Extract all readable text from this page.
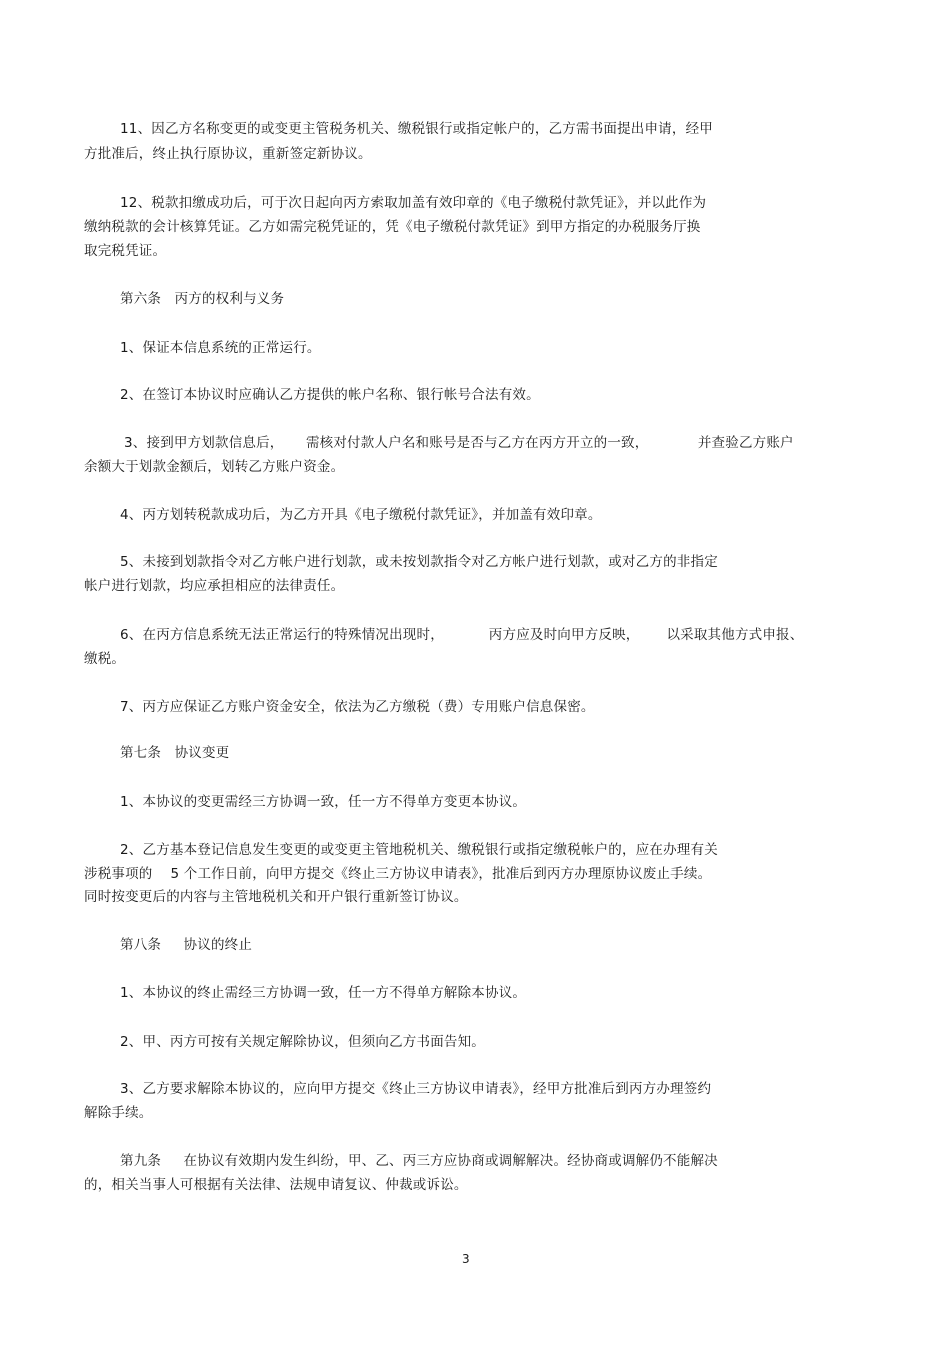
11、因乙方名称变更的或变更主管税务机关、缴税银行或指定帐户的，乙方需书面提出申请，经甲
方批准后，终止执行原协议，重新签定新协议。
12、税款扣缴成功后，可于次日起向丙方索取加盖有效印章的《电子缴税付款凭证》，并以此作为
缴纳税款的会计核算凭证。乙方如需完税凭证的，凭《电子缴税付款凭证》到甲方指定的办税服务厅换
取完税凭证。
第六条   丙方的权利与义务
1、保证本信息系统的正常运行。
2、在签订本协议时应确认乙方提供的帐户名称、银行帐号合法有效。
3、接到甲方划款信息后，     需核对付款人户名和账号是否与乙方在丙方开立的一致，           并查验乙方账户
余额大于划款金额后，划转乙方账户资金。
4、丙方划转税款成功后，为乙方开具《电子缴税付款凭证》，并加盖有效印章。
5、未接到划款指令对乙方帐户进行划款，或未按划款指令对乙方帐户进行划款，或对乙方的非指定
帐户进行划款，均应承担相应的法律责任。
6、在丙方信息系统无法正常运行的特殊情况出现时，          丙方应及时向甲方反映，      以采取其他方式申报、
缴税。
7、丙方应保证乙方账户资金安全，依法为乙方缴税（费）专用账户信息保密。
第七条   协议变更
1、本协议的变更需经三方协调一致，任一方不得单方变更本协议。
2、乙方基本登记信息发生变更的或变更主管地税机关、缴税银行或指定缴税帐户的，应在办理有关
涉税事项的    5 个工作日前，向甲方提交《终止三方协议申请表》，批准后到丙方办理原协议废止手续。
同时按变更后的内容与主管地税机关和开户银行重新签订协议。
第八条     协议的终止
1、本协议的终止需经三方协调一致，任一方不得单方解除本协议。
2、甲、丙方可按有关规定解除协议，但须向乙方书面告知。
3、乙方要求解除本协议的，应向甲方提交《终止三方协议申请表》，经甲方批准后到丙方办理签约
解除手续。
第九条     在协议有效期内发生纠纷，甲、乙、丙三方应协商或调解解决。经协商或调解仍不能解决
的，相关当事人可根据有关法律、法规申请复议、仲裁或诉讼。
3
